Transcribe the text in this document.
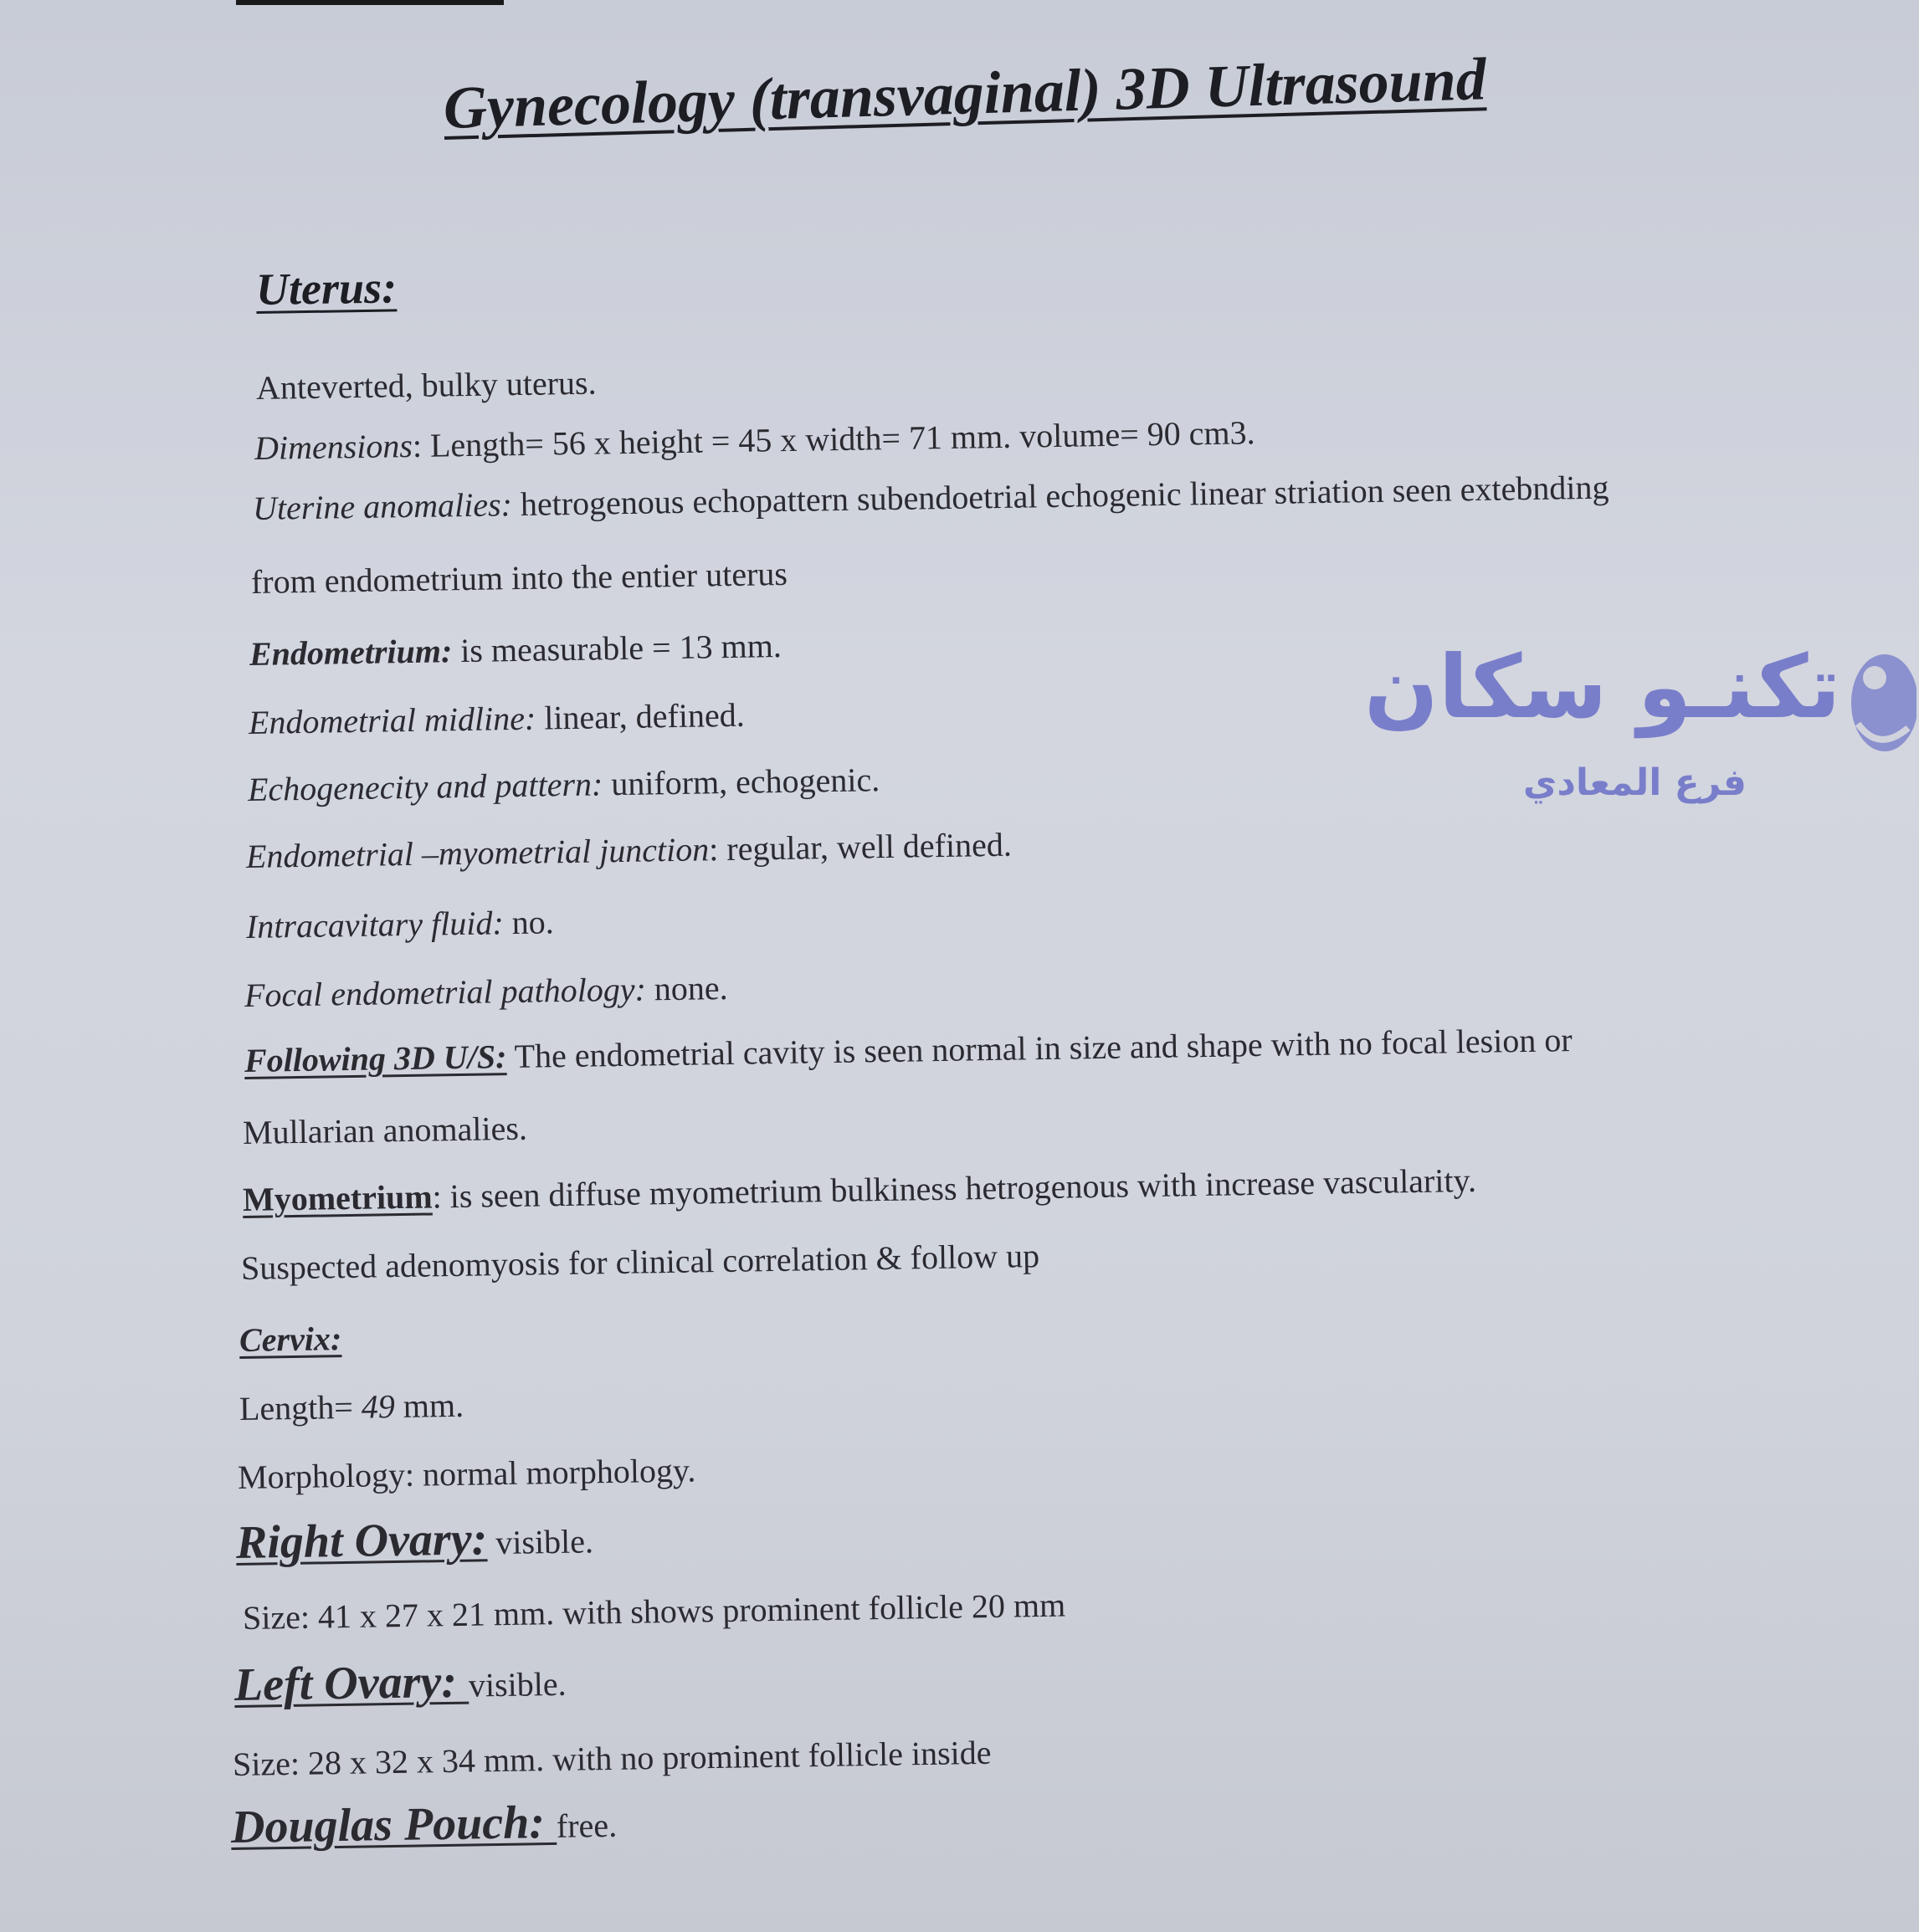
Gynecology (transvaginal) 3D Ultrasound
Uterus:
Anteverted, bulky uterus.
Dimensions: Length= 56 x height = 45 x width= 71 mm. volume= 90 cm3.
Uterine anomalies: hetrogenous echopattern subendoetrial echogenic linear striation seen extebnding
from endometrium into the entier uterus
Endometrium: is measurable = 13 mm.
Endometrial midline: linear, defined.
Echogenecity and pattern: uniform, echogenic.
Endometrial –myometrial junction: regular, well defined.
Intracavitary fluid: no.
Focal endometrial pathology: none.
Following 3D U/S: The endometrial cavity is seen normal in size and shape with no focal lesion or
Mullarian anomalies.
Myometrium: is seen diffuse myometrium bulkiness hetrogenous with increase vascularity.
Suspected adenomyosis for clinical correlation & follow up
Cervix:
Length= 49 mm.
Morphology: normal morphology.
Right Ovary: visible.
Size: 41 x 27 x 21 mm. with shows prominent follicle 20 mm
Left Ovary: visible.
Size: 28 x 32 x 34 mm. with no prominent follicle inside
Douglas Pouch: free.
تكنـو سكان
فرع المعادي
